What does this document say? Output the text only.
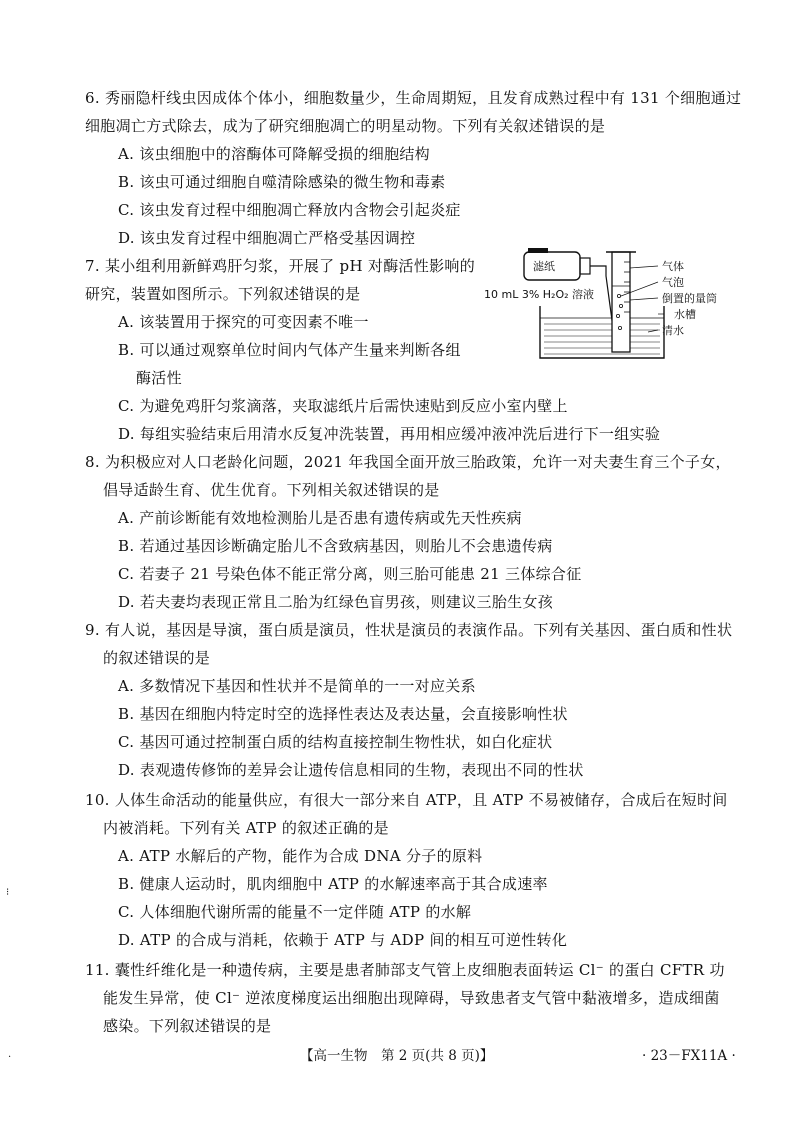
6. 秀丽隐杆线虫因成体个体小，细胞数量少，生命周期短，且发育成熟过程中有 131 个细胞通过
细胞凋亡方式除去，成为了研究细胞凋亡的明星动物。下列有关叙述错误的是
A. 该虫细胞中的溶酶体可降解受损的细胞结构
B. 该虫可通过细胞自噬清除感染的微生物和毒素
C. 该虫发育过程中细胞凋亡释放内含物会引起炎症
D. 该虫发育过程中细胞凋亡严格受基因调控
7. 某小组利用新鲜鸡肝匀浆，开展了 pH 对酶活性影响的
研究，装置如图所示。下列叙述错误的是
A. 该装置用于探究的可变因素不唯一
B. 可以通过观察单位时间内气体产生量来判断各组
酶活性
C. 为避免鸡肝匀浆滴落，夹取滤纸片后需快速贴到反应小室内壁上
D. 每组实验结束后用清水反复冲洗装置，再用相应缓冲液冲洗后进行下一组实验
滤纸
10 mL 3% H₂O₂ 溶液
气体
气泡
倒置的量筒
水槽
清水
8. 为积极应对人口老龄化问题，2021 年我国全面开放三胎政策，允许一对夫妻生育三个子女，
倡导适龄生育、优生优育。下列相关叙述错误的是
A. 产前诊断能有效地检测胎儿是否患有遗传病或先天性疾病
B. 若通过基因诊断确定胎儿不含致病基因，则胎儿不会患遗传病
C. 若妻子 21 号染色体不能正常分离，则三胎可能患 21 三体综合征
D. 若夫妻均表现正常且二胎为红绿色盲男孩，则建议三胎生女孩
9. 有人说，基因是导演，蛋白质是演员，性状是演员的表演作品。下列有关基因、蛋白质和性状
的叙述错误的是
A. 多数情况下基因和性状并不是简单的一一对应关系
B. 基因在细胞内特定时空的选择性表达及表达量，会直接影响性状
C. 基因可通过控制蛋白质的结构直接控制生物性状，如白化症状
D. 表观遗传修饰的差异会让遗传信息相同的生物，表现出不同的性状
10. 人体生命活动的能量供应，有很大一部分来自 ATP，且 ATP 不易被储存，合成后在短时间
内被消耗。下列有关 ATP 的叙述正确的是
A. ATP 水解后的产物，能作为合成 DNA 分子的原料
B. 健康人运动时，肌肉细胞中 ATP 的水解速率高于其合成速率
C. 人体细胞代谢所需的能量不一定伴随 ATP 的水解
D. ATP 的合成与消耗，依赖于 ATP 与 ADP 间的相互可逆性转化
11. 囊性纤维化是一种遗传病，主要是患者肺部支气管上皮细胞表面转运 Cl⁻ 的蛋白 CFTR 功
能发生异常，使 Cl⁻ 逆浓度梯度运出细胞出现障碍，导致患者支气管中黏液增多，造成细菌
感染。下列叙述错误的是
【高一生物　第 2 页(共 8 页)】	· 23－FX11A ·
⁝
.
